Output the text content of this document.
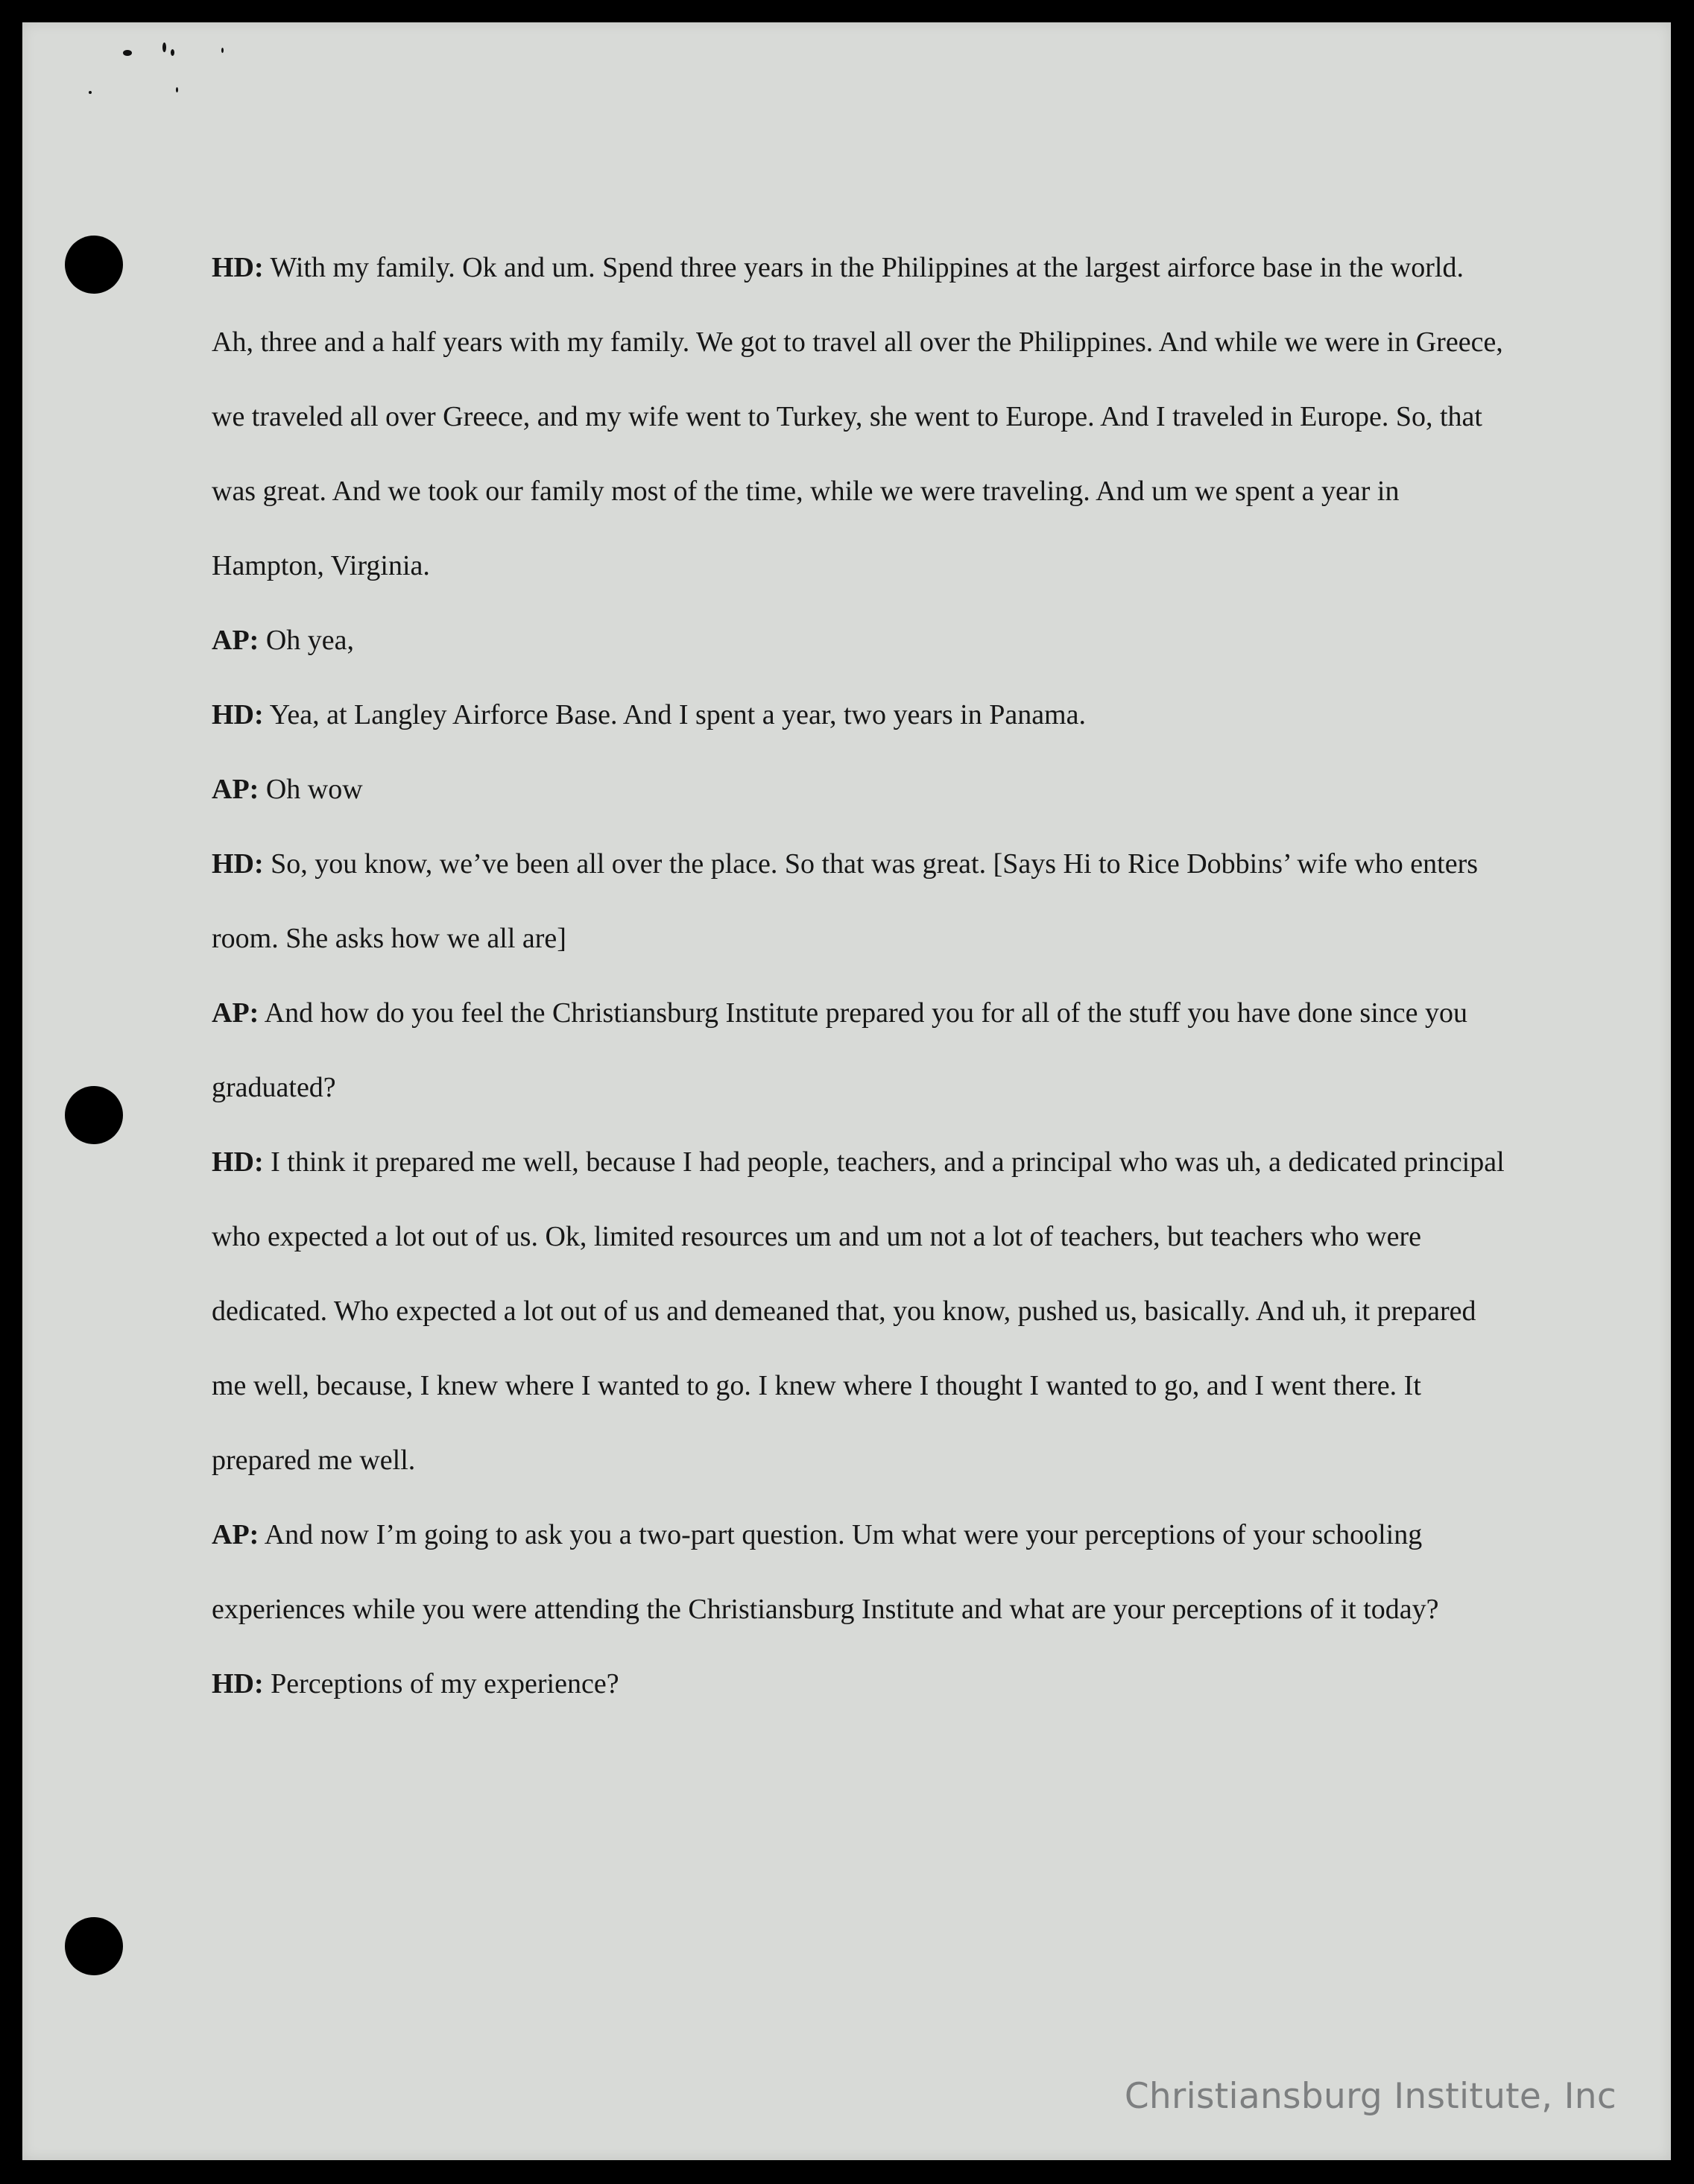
HD: With my family. Ok and um. Spend three years in the Philippines at the largest airforce base in the world. Ah, three and a half years with my family. We got to travel all over the Philippines. And while we were in Greece, we traveled all over Greece, and my wife went to Turkey, she went to Europe. And I traveled in Europe. So, that was great. And we took our family most of the time, while we were traveling. And um we spent a year in Hampton, Virginia.

AP: Oh yea,

HD: Yea, at Langley Airforce Base. And I spent a year, two years in Panama.

AP: Oh wow

HD: So, you know, we’ve been all over the place. So that was great. [Says Hi to Rice Dobbins’ wife who enters room. She asks how we all are]

AP: And how do you feel the Christiansburg Institute prepared you for all of the stuff you have done since you graduated?

HD: I think it prepared me well, because I had people, teachers, and a principal who was uh, a dedicated principal who expected a lot out of us. Ok, limited resources um and um not a lot of teachers, but teachers who were dedicated. Who expected a lot out of us and demeaned that, you know, pushed us, basically. And uh, it prepared me well, because, I knew where I wanted to go. I knew where I thought I wanted to go, and I went there. It prepared me well.

AP: And now I’m going to ask you a two-part question. Um what were your perceptions of your schooling experiences while you were attending the Christiansburg Institute and what are your perceptions of it today?

HD: Perceptions of my experience?

Christiansburg Institute, Inc
